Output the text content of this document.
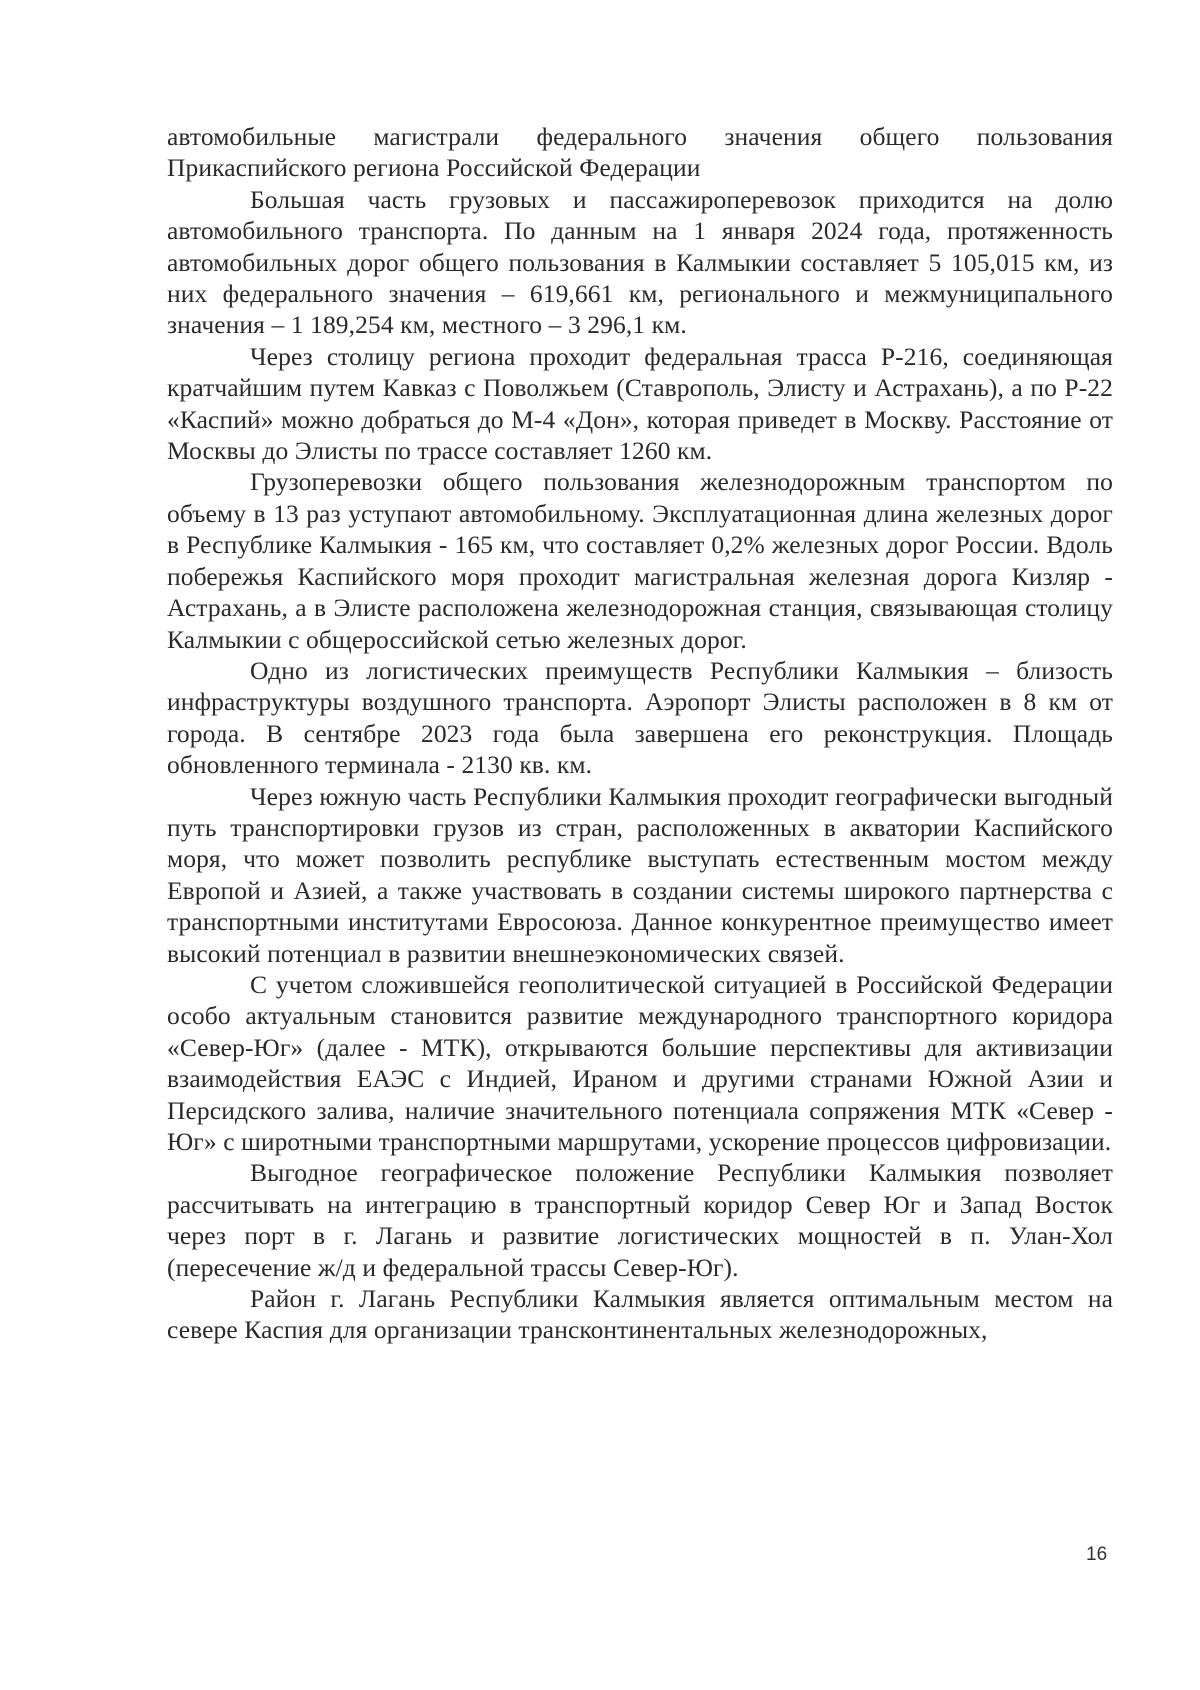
автомобильные магистрали федерального значения общего пользования Прикаспийского региона Российской Федерации

Большая часть грузовых и пассажироперевозок приходится на долю автомобильного транспорта. По данным на 1 января 2024 года, протяженность автомобильных дорог общего пользования в Калмыкии составляет 5 105,015 км, из них федерального значения – 619,661 км, регионального и межмуниципального значения – 1 189,254 км, местного – 3 296,1 км.

Через столицу региона проходит федеральная трасса Р-216, соединяющая кратчайшим путем Кавказ с Поволжьем (Ставрополь, Элисту и Астрахань), а по Р-22 «Каспий» можно добраться до М-4 «Дон», которая приведет в Москву. Расстояние от Москвы до Элисты по трассе составляет 1260 км.

Грузоперевозки общего пользования железнодорожным транспортом по объему в 13 раз уступают автомобильному. Эксплуатационная длина железных дорог в Республике Калмыкия - 165 км, что составляет 0,2% железных дорог России. Вдоль побережья Каспийского моря проходит магистральная железная дорога Кизляр - Астрахань, а в Элисте расположена железнодорожная станция, связывающая столицу Калмыкии с общероссийской сетью железных дорог.

Одно из логистических преимуществ Республики Калмыкия – близость инфраструктуры воздушного транспорта. Аэропорт Элисты расположен в 8 км от города. В сентябре 2023 года была завершена его реконструкция. Площадь обновленного терминала - 2130 кв. км.

Через южную часть Республики Калмыкия проходит географически выгодный путь транспортировки грузов из стран, расположенных в акватории Каспийского моря, что может позволить республике выступать естественным мостом между Европой и Азией, а также участвовать в создании системы широкого партнерства с транспортными институтами Евросоюза. Данное конкурентное преимущество имеет высокий потенциал в развитии внешнеэкономических связей.

С учетом сложившейся геополитической ситуацией в Российской Федерации особо актуальным становится развитие международного транспортного коридора «Север-Юг» (далее - МТК), открываются большие перспективы для активизации взаимодействия ЕАЭС с Индией, Ираном и другими странами Южной Азии и Персидского залива, наличие значительного потенциала сопряжения МТК «Север - Юг» с широтными транспортными маршрутами, ускорение процессов цифровизации.

Выгодное географическое положение Республики Калмыкия позволяет рассчитывать на интеграцию в транспортный коридор Север Юг и Запад Восток через порт в г. Лагань и развитие логистических мощностей в п. Улан-Хол (пересечение ж/д и федеральной трассы Север-Юг).

Район г. Лагань Республики Калмыкия является оптимальным местом на севере Каспия для организации трансконтинентальных железнодорожных,

16
